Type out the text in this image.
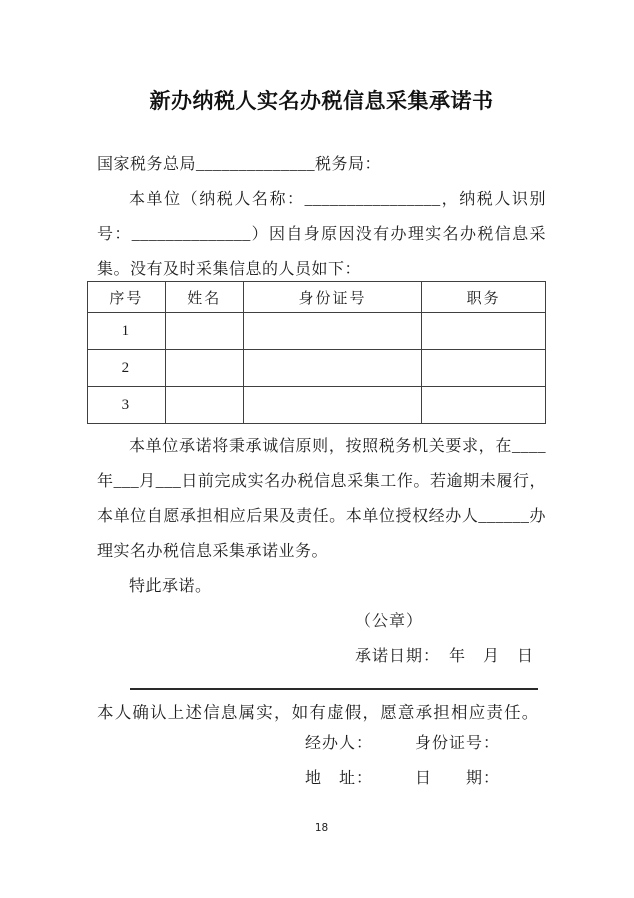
新办纳税人实名办税信息采集承诺书

国家税务总局______________税务局：

本单位（纳税人名称：________________，纳税人识别号：______________）因自身原因没有办理实名办税信息采集。没有及时采集信息的人员如下：

序号	姓名	身份证号	职务
1			
2			
3			

本单位承诺将秉承诚信原则，按照税务机关要求，在____年___月___日前完成实名办税信息采集工作。若逾期未履行，本单位自愿承担相应后果及责任。本单位授权经办人______办理实名办税信息采集承诺业务。

特此承诺。

（公章）

承诺日期：　年　月　日

本人确认上述信息属实，如有虚假，愿意承担相应责任。

经办人：	身份证号：
地　址：	日　　期：
18
